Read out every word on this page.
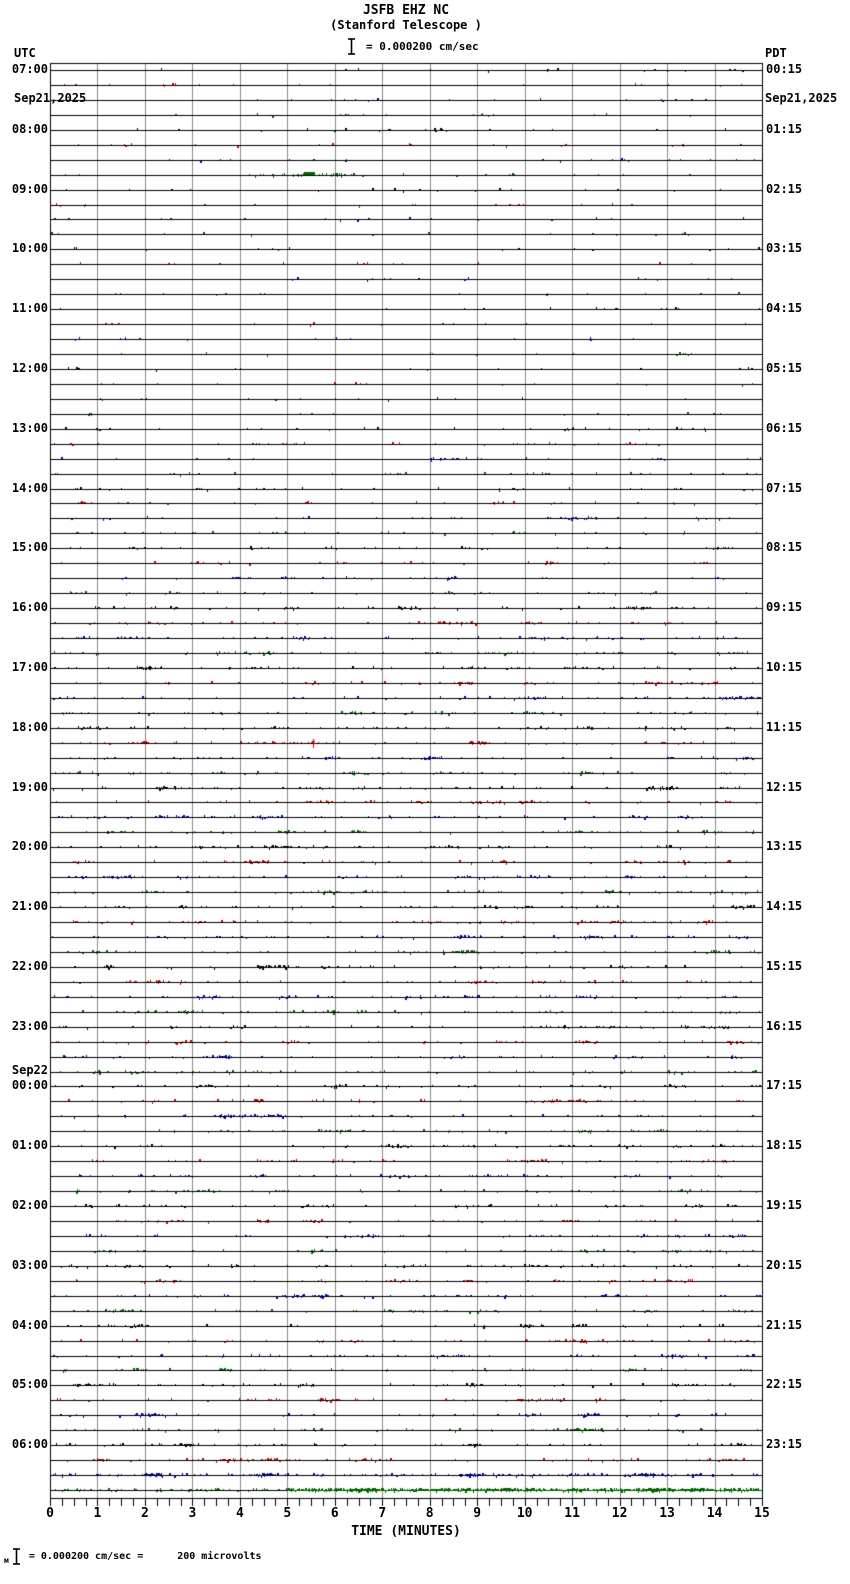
UTC

Sep21,2025

JSFB EHZ NC
(Stanford Telescope )
= 0.000200 cm/sec

	PDT

Sep21,2025

07:00
08:00
09:00
10:00
11:00
12:00
13:00
14:00
15:00
16:00
17:00
18:00
19:00
20:00
21:00
22:00
23:00
00:00
Sep22
01:00
02:00
03:00
04:00
05:00
06:00
00:15
01:15
02:15
03:15
04:15
05:15
06:15
07:15
08:15
09:15
10:15
11:15
12:15
13:15
14:15
15:15
16:15
17:15
18:15
19:15
20:15
21:15
22:15
23:15
0	1	2	3	4	5	6	7	8	9	10 11 12 13 14 15
TIME (MINUTES)
м = 0.000200 cm/sec =	200 microvolts
